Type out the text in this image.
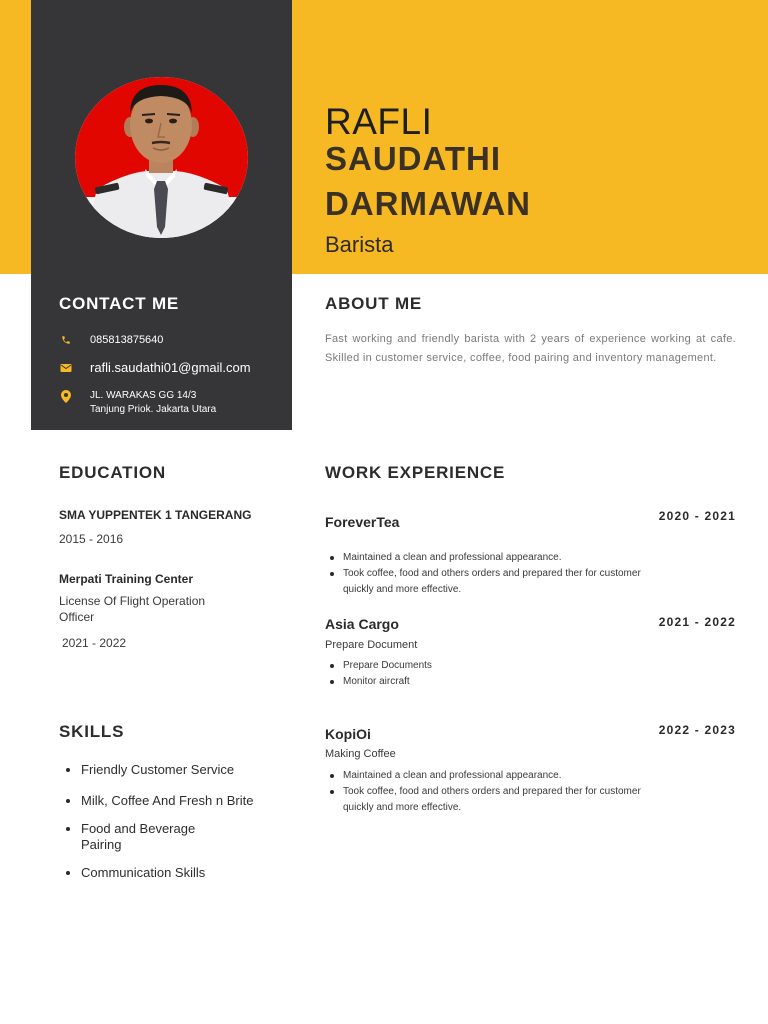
RAFLI
SAUDATHI DARMAWAN
Barista
CONTACT ME
085813875640
rafli.saudathi01@gmail.com
JL. WARAKAS GG 14/3
Tanjung Priok. Jakarta Utara
ABOUT ME
Fast working and friendly barista with 2 years of experience working at cafe. Skilled in customer service, coffee, food pairing and inventory management.
EDUCATION
SMA YUPPENTEK 1 TANGERANG
2015 - 2016
Merpati Training Center
License Of Flight Operation Officer
2021 - 2022
WORK EXPERIENCE
ForeverTea	2020 - 2021
Maintained a clean and professional appearance.
Took coffee, food and others orders and prepared ther for customer quickly and more effective.
Asia Cargo	2021 - 2022
Prepare Document
Prepare Documents
Monitor aircraft
KopiOi	2022 - 2023
Making Coffee
Maintained a clean and professional appearance.
Took coffee, food and others orders and prepared ther for customer quickly and more effective.
SKILLS
Friendly Customer Service
Milk, Coffee And Fresh n Brite
Food and Beverage Pairing
Communication Skills
